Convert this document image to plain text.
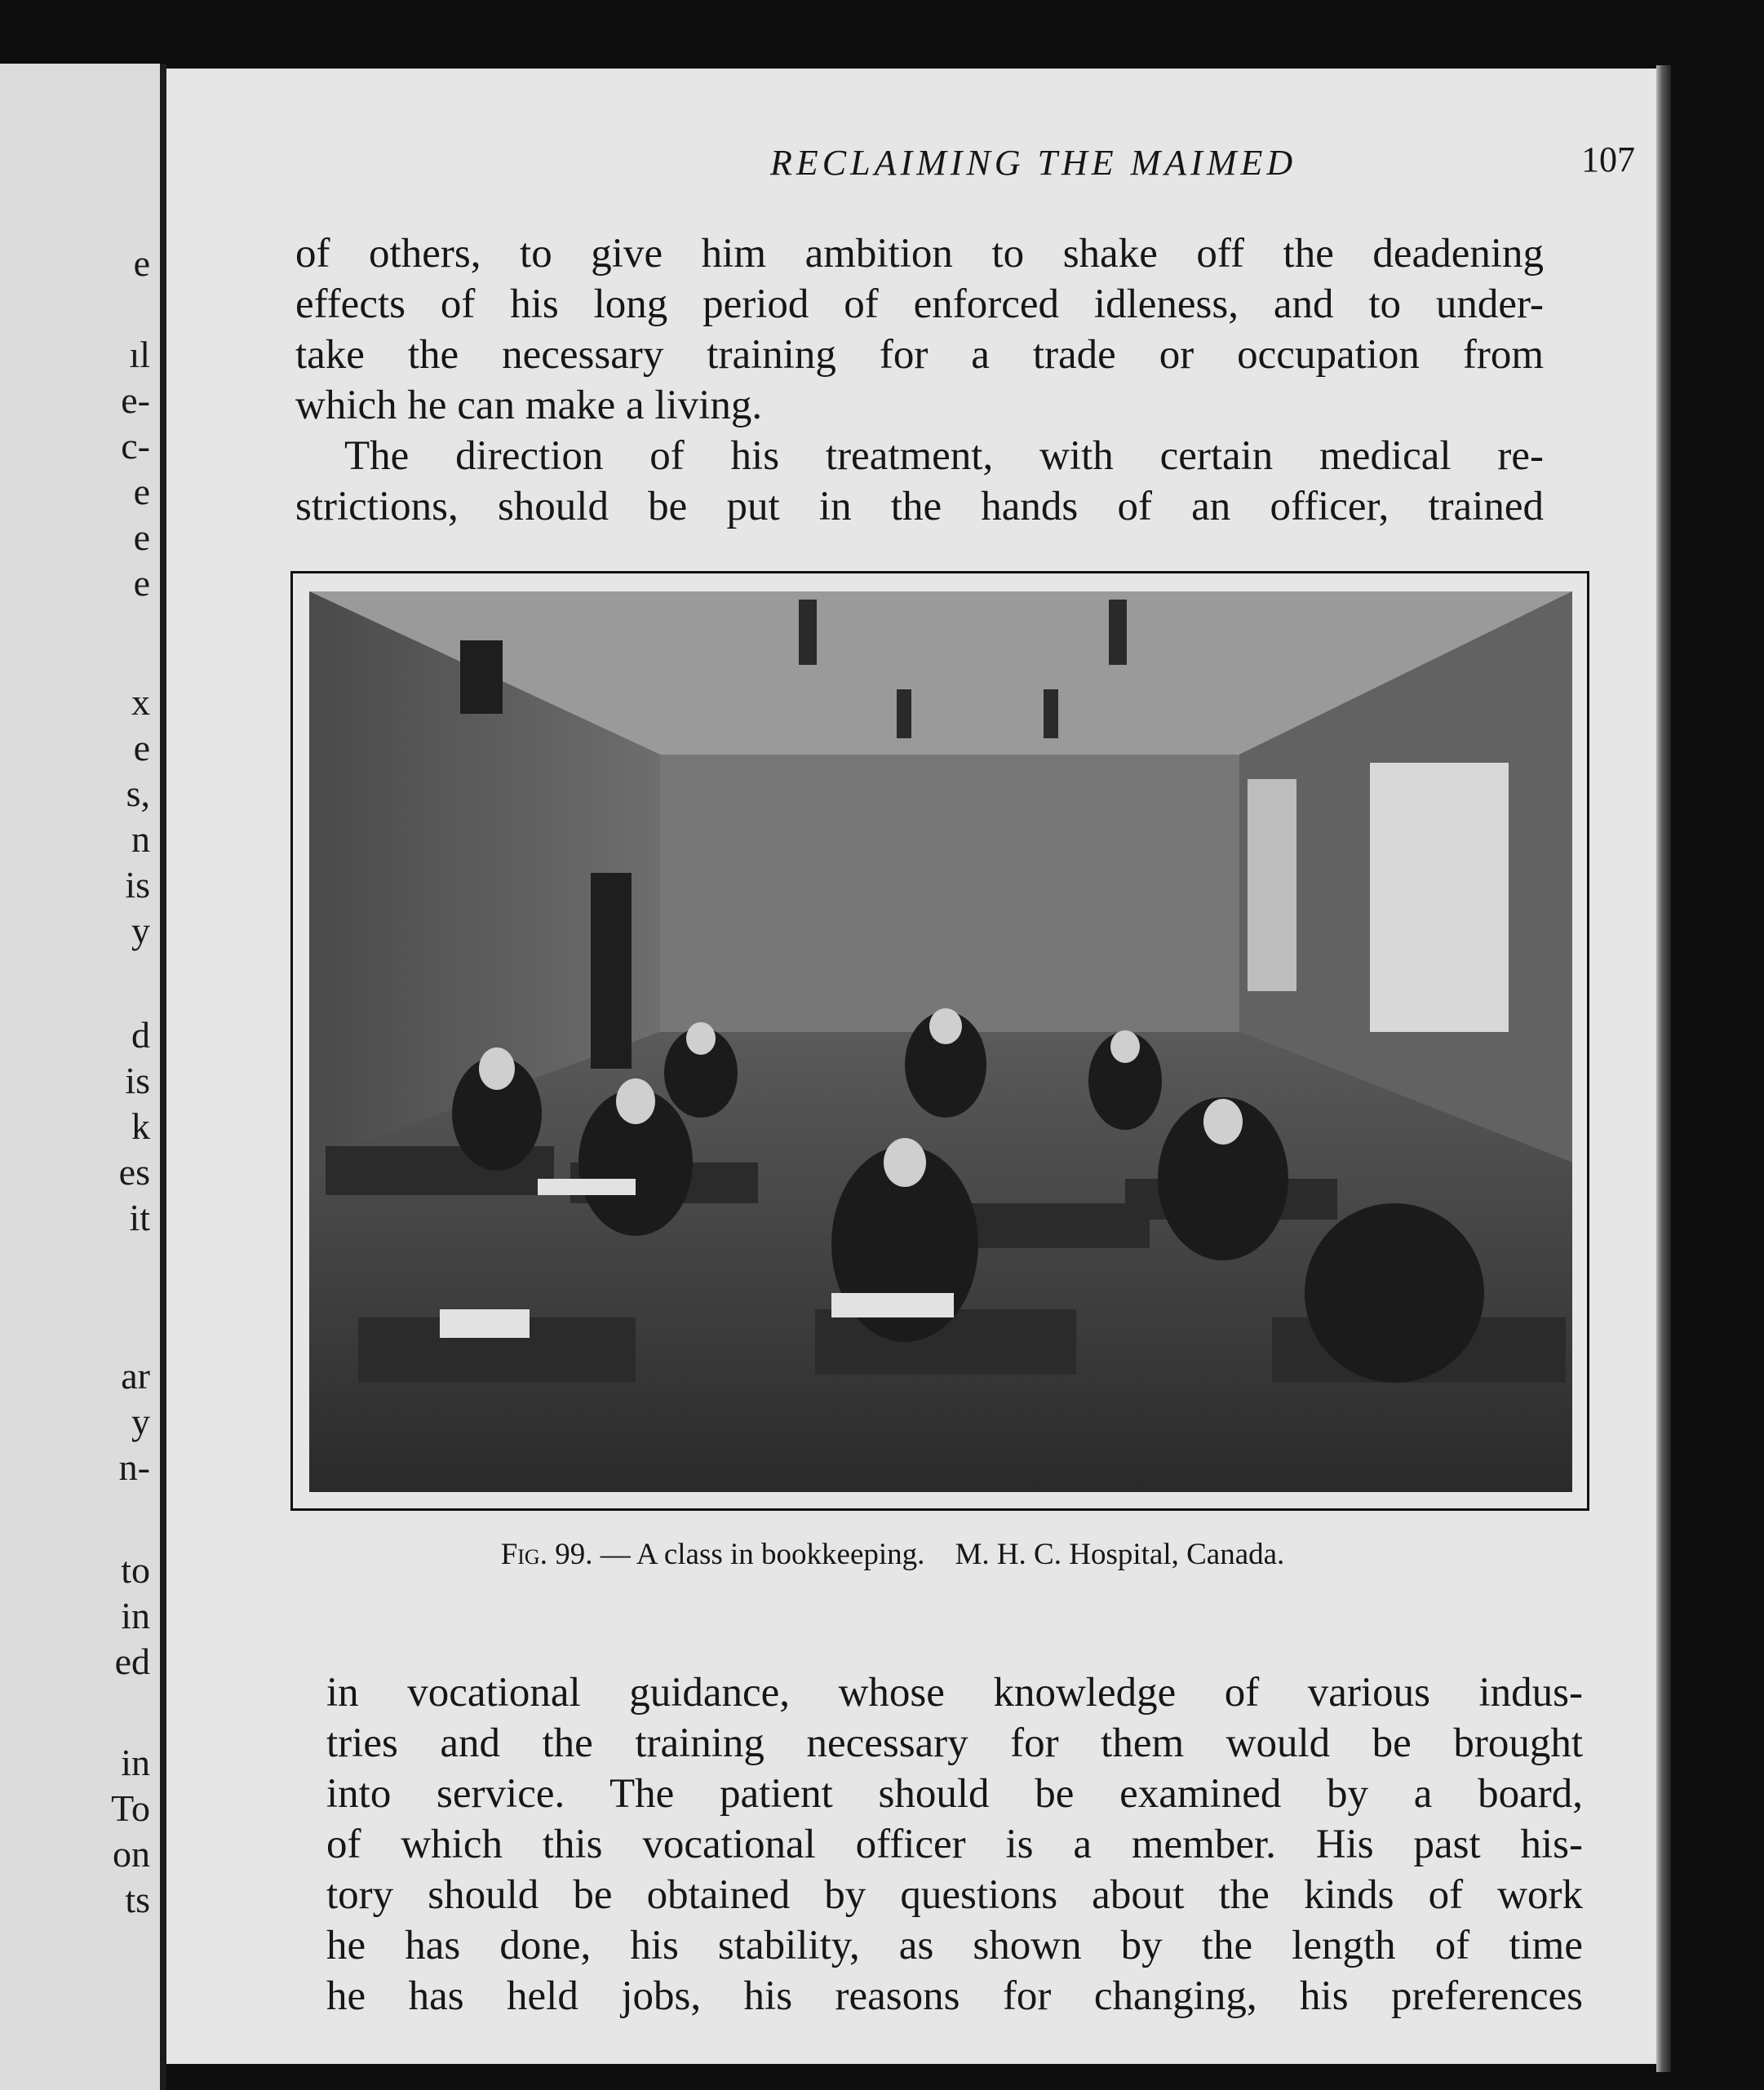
e
ıl
e-
c-
e
e
e
x
e
s,
n
is
y
d
is
k
es
it
ar
y
n-
to
in
ed
in
To
on
ts
RECLAIMING THE MAIMED	107
of others, to give him ambition to shake off the deadening
effects of his long period of enforced idleness, and to under-
take the necessary training for a trade or occupation from
which he can make a living.
The direction of his treatment, with certain medical re-
strictions, should be put in the hands of an officer, trained
Fig. 99. — A class in bookkeeping. M. H. C. Hospital, Canada.
in vocational guidance, whose knowledge of various indus-
tries and the training necessary for them would be brought
into service. The patient should be examined by a board,
of which this vocational officer is a member. His past his-
tory should be obtained by questions about the kinds of work
he has done, his stability, as shown by the length of time
he has held jobs, his reasons for changing, his preferences
